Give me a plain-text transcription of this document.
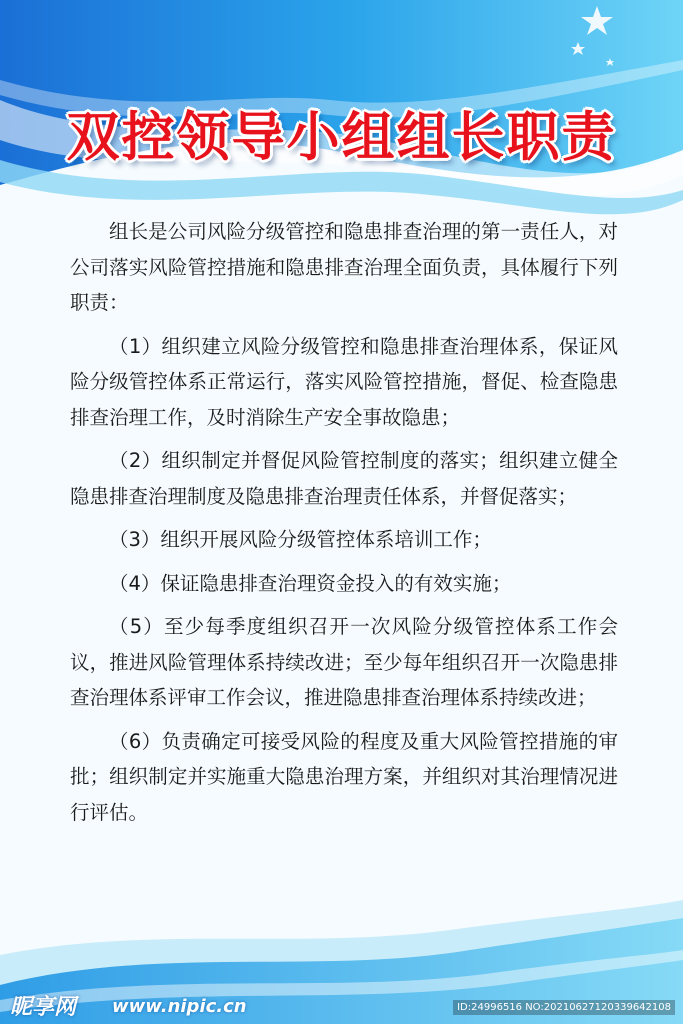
双控领导小组组长职责

组长是公司风险分级管控和隐患排查治理的第一责任人，对公司落实风险管控措施和隐患排查治理全面负责，具体履行下列职责：

（1）组织建立风险分级管控和隐患排查治理体系，保证风险分级管控体系正常运行，落实风险管控措施，督促、检查隐患排查治理工作，及时消除生产安全事故隐患；

（2）组织制定并督促风险管控制度的落实；组织建立健全隐患排查治理制度及隐患排查治理责任体系，并督促落实；

（3）组织开展风险分级管控体系培训工作；

（4）保证隐患排查治理资金投入的有效实施；

（5）至少每季度组织召开一次风险分级管控体系工作会议，推进风险管理体系持续改进；至少每年组织召开一次隐患排查治理体系评审工作会议，推进隐患排查治理体系持续改进；

（6）负责确定可接受风险的程度及重大风险管控措施的审批；组织制定并实施重大隐患治理方案，并组织对其治理情况进行评估。

昵享网 www.nipic.cn	ID:24996516 NO:20210627120339642108
